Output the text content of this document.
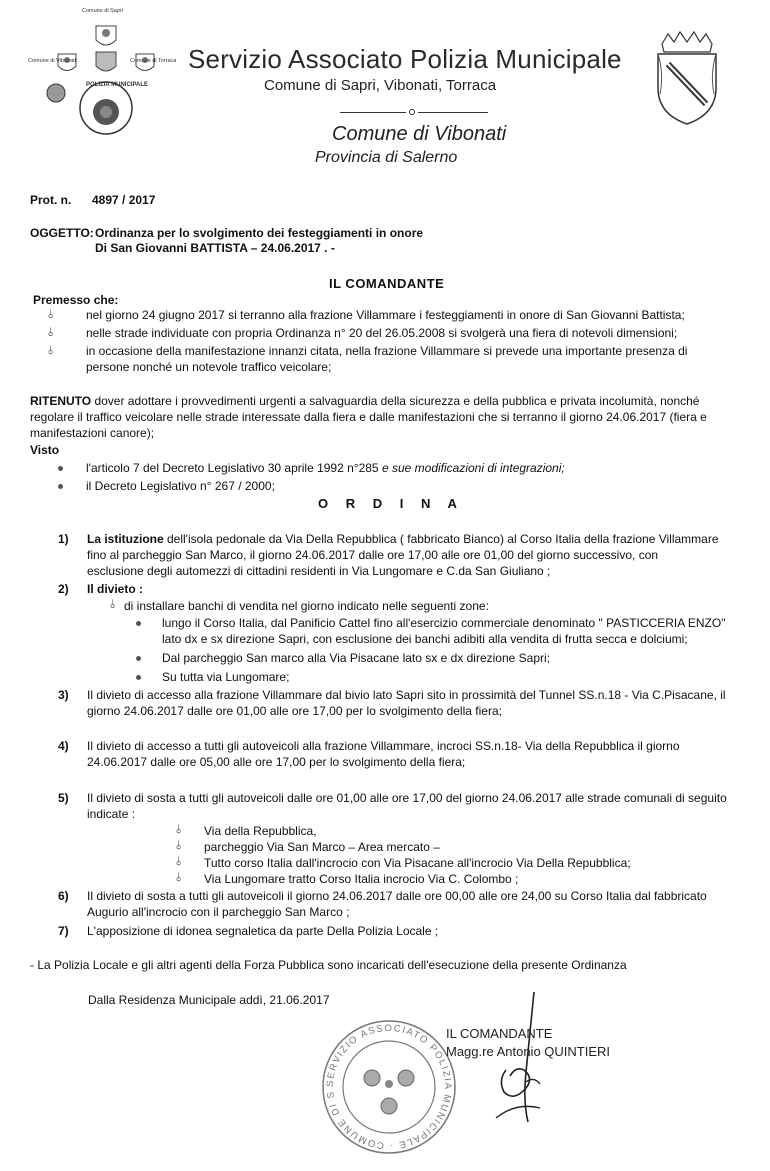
Comune di Sapri
Comune di Vibonati	Comune di Torraca
POLIZIA MUNICIPALE
Servizio Associato Polizia Municipale
Comune di Sapri, Vibonati, Torraca
Comune di Vibonati
Provincia di Salerno
Prot. n. 4897 / 2017
OGGETTO: Ordinanza per lo svolgimento dei festeggiamenti in onore
Di San Giovanni BATTISTA – 24.06.2017 . -
IL COMANDANTE
Premesso che:
⫰	nel giorno 24 giugno 2017 si terranno alla frazione Villammare i festeggiamenti in onore di San Giovanni Battista;
⫰	nelle strade individuate con propria Ordinanza n° 20 del 26.05.2008 si svolgerà una fiera di notevoli dimensioni;
⫰	in occasione della manifestazione innanzi citata, nella frazione Villammare si prevede una importante presenza di
persone nonché un notevole traffico veicolare;
RITENUTO dover adottare i provvedimenti urgenti a salvaguardia della sicurezza e della pubblica e privata incolumità, nonché
regolare il traffico veicolare nelle strade interessate dalla fiera e dalle manifestazioni che si terranno il giorno 24.06.2017 (fiera e
manifestazioni canore);
Visto
l'articolo 7 del Decreto Legislativo 30 aprile 1992 n°285 e sue modificazioni di integrazioni;
il Decreto Legislativo n° 267 / 2000;
O R D I N A
1) La istituzione dell'isola pedonale da Via Della Repubblica ( fabbricato Bianco) al Corso Italia della frazione Villammare
fino al parcheggio San Marco, il giorno 24.06.2017 dalle ore 17,00 alle ore 01,00 del giorno successivo, con
esclusione degli automezzi di cittadini residenti in Via Lungomare e C.da San Giuliano ;
2) Il divieto :
⫰ di installare banchi di vendita nel giorno indicato nelle seguenti zone:
lungo il Corso Italia, dal Panificio Cattel fino all'esercizio commerciale denominato " PASTICCERIA ENZO"
lato dx e sx direzione Sapri, con esclusione dei banchi adibiti alla vendita di frutta secca e dolciumi;
Dal parcheggio San marco alla Via Pisacane lato sx e dx direzione Sapri;
Su tutta via Lungomare;
3) Il divieto di accesso alla frazione Villammare dal bivio lato Sapri sito in prossimità del Tunnel SS.n.18 - Via C.Pisacane, il
giorno 24.06.2017 dalle ore 01,00 alle ore 17,00 per lo svolgimento della fiera;
4) Il divieto di accesso a tutti gli autoveicoli alla frazione Villammare, incroci SS.n.18- Via della Repubblica il giorno
24.06.2017 dalle ore 05,00 alle ore 17,00 per lo svolgimento della fiera;
5) Il divieto di sosta a tutti gli autoveicoli dalle ore 01,00 alle ore 17,00 del giorno 24.06.2017 alle strade comunali di seguito
indicate :
⫰ Via della Repubblica,
⫰ parcheggio Via San Marco – Area mercato –
⫰ Tutto corso Italia dall'incrocio con Via Pisacane all'incrocio Via Della Repubblica;
⫰ Via Lungomare tratto Corso Italia incrocio Via C. Colombo ;
6) Il divieto di sosta a tutti gli autoveicoli il giorno 24.06.2017 dalle ore 00,00 alle ore 24,00 su Corso Italia dal fabbricato
Augurio all'incrocio con il parcheggio San Marco ;
7) L'apposizione di idonea segnaletica da parte Della Polizia Locale ;
- La Polizia Locale e gli altri agenti della Forza Pubblica sono incaricati dell'esecuzione della presente Ordinanza
Dalla Residenza Municipale addì, 21.06.2017
SERVIZIO ASSOCIATO POLIZIA MUNICIPALE · COMUNE DI S
IL COMANDANTE
Magg.re Antonio QUINTIERI
